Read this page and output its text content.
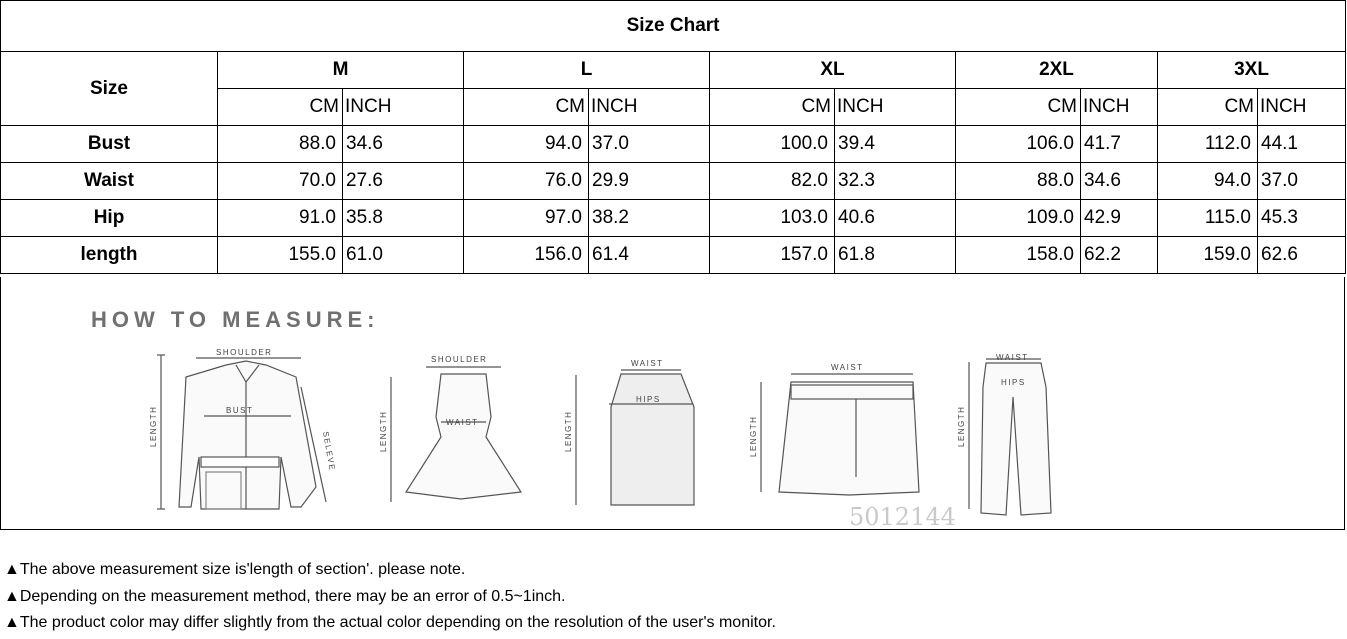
Size Chart										
Size	M		L		XL		2XL		3XL	
	CM	INCH	CM	INCH	CM	INCH	CM	INCH	CM	INCH
Bust	88.0	34.6	94.0	37.0	100.0	39.4	106.0	41.7	112.0	44.1
Waist	70.0	27.6	76.0	29.9	82.0	32.3	88.0	34.6	94.0	37.0
Hip	91.0	35.8	97.0	38.2	103.0	40.6	109.0	42.9	115.0	45.3
length	155.0	61.0	156.0	61.4	157.0	61.8	158.0	62.2	159.0	62.6
HOW TO MEASURE:
LENGTH
SHOULDER
BUST
SELEVE	LENGTH
SHOULDER
WAIST	LENGTH
WAIST
HIPS
LENGTH
WAIST
LENGTH
WAIST
HIPS
5012144
▲The above measurement size is'length of section'. please note.
▲Depending on the measurement method, there may be an error of 0.5~1inch.
▲The product color may differ slightly from the actual color depending on the resolution of the user's monitor.
